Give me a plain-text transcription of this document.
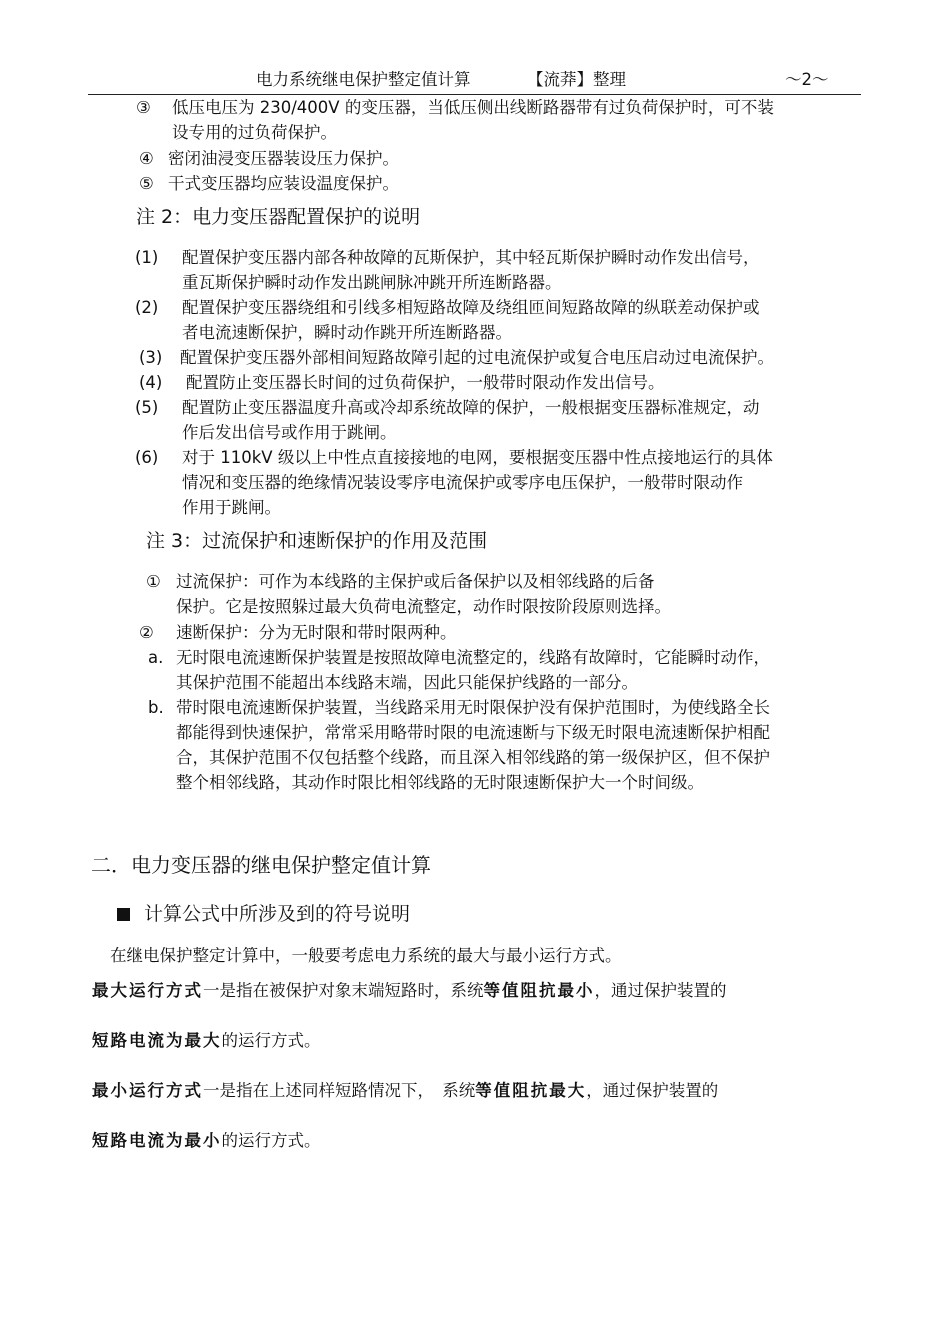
电力系统继电保护整定值计算	【流莽】整理	～2～
③ 低压电压为 230/400V 的变压器，当低压侧出线断路器带有过负荷保护时，可不装
设专用的过负荷保护。
④ 密闭油浸变压器装设压力保护。
⑤ 干式变压器均应装设温度保护。
注 2：电力变压器配置保护的说明
(1) 配置保护变压器内部各种故障的瓦斯保护，其中轻瓦斯保护瞬时动作发出信号，
重瓦斯保护瞬时动作发出跳闸脉冲跳开所连断路器。
(2) 配置保护变压器绕组和引线多相短路故障及绕组匝间短路故障的纵联差动保护或
者电流速断保护，瞬时动作跳开所连断路器。
(3) 配置保护变压器外部相间短路故障引起的过电流保护或复合电压启动过电流保护。
(4) 配置防止变压器长时间的过负荷保护，一般带时限动作发出信号。
(5) 配置防止变压器温度升高或冷却系统故障的保护，一般根据变压器标准规定，动
作后发出信号或作用于跳闸。
(6) 对于 110kV 级以上中性点直接接地的电网，要根据变压器中性点接地运行的具体
情况和变压器的绝缘情况装设零序电流保护或零序电压保护，一般带时限动作
作用于跳闸。
注 3：过流保护和速断保护的作用及范围
① 过流保护：可作为本线路的主保护或后备保护以及相邻线路的后备
保护。它是按照躲过最大负荷电流整定，动作时限按阶段原则选择。
② 速断保护：分为无时限和带时限两种。
a. 无时限电流速断保护装置是按照故障电流整定的，线路有故障时，它能瞬时动作，
其保护范围不能超出本线路末端，因此只能保护线路的一部分。
b. 带时限电流速断保护装置，当线路采用无时限保护没有保护范围时，为使线路全长
都能得到快速保护，常常采用略带时限的电流速断与下级无时限电流速断保护相配
合，其保护范围不仅包括整个线路，而且深入相邻线路的第一级保护区，但不保护
整个相邻线路，其动作时限比相邻线路的无时限速断保护大一个时间级。
二．电力变压器的继电保护整定值计算
计算公式中所涉及到的符号说明
在继电保护整定计算中，一般要考虑电力系统的最大与最小运行方式。
最大运行方式一是指在被保护对象末端短路时，系统等值阻抗最小，通过保护装置的
短路电流为最大的运行方式。
最小运行方式一是指在上述同样短路情况下，　系统等值阻抗最大，通过保护装置的
短路电流为最小的运行方式。
